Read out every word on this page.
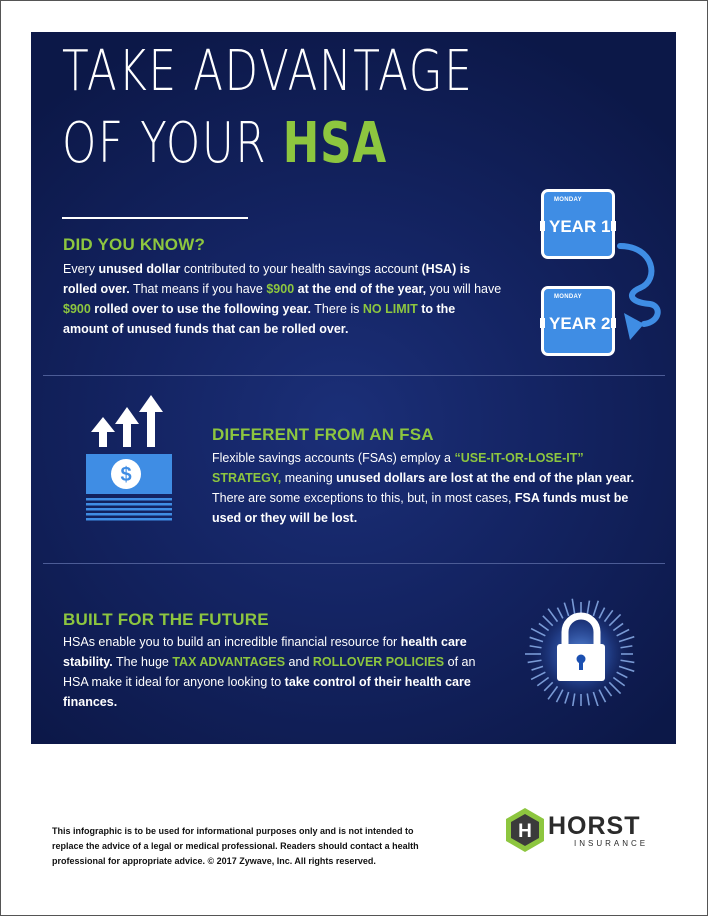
TAKE ADVANTAGE
OF YOUR HSA
DID YOU KNOW?

Every unused dollar contributed to your health savings account (HSA) is rolled over. That means if you have $900 at the end of the year, you will have $900 rolled over to use the following year. There is NO LIMIT to the amount of unused funds that can be rolled over.

MONDAY
YEAR 1
MONDAY
YEAR 2
$
DIFFERENT FROM AN FSA

Flexible savings accounts (FSAs) employ a “USE-IT-OR-LOSE-IT” STRATEGY, meaning unused dollars are lost at the end of the plan year. There are some exceptions to this, but, in most cases, FSA funds must be used or they will be lost.

BUILT FOR THE FUTURE

HSAs enable you to build an incredible financial resource for health care stability. The huge TAX ADVANTAGES and ROLLOVER POLICIES of an HSA make it ideal for anyone looking to take control of their health care finances.

This infographic is to be used for informational purposes only and is not intended to replace the advice of a legal or medical professional. Readers should contact a health professional for appropriate advice. © 2017 Zywave, Inc. All rights reserved.

H HORST
INSURANCE
